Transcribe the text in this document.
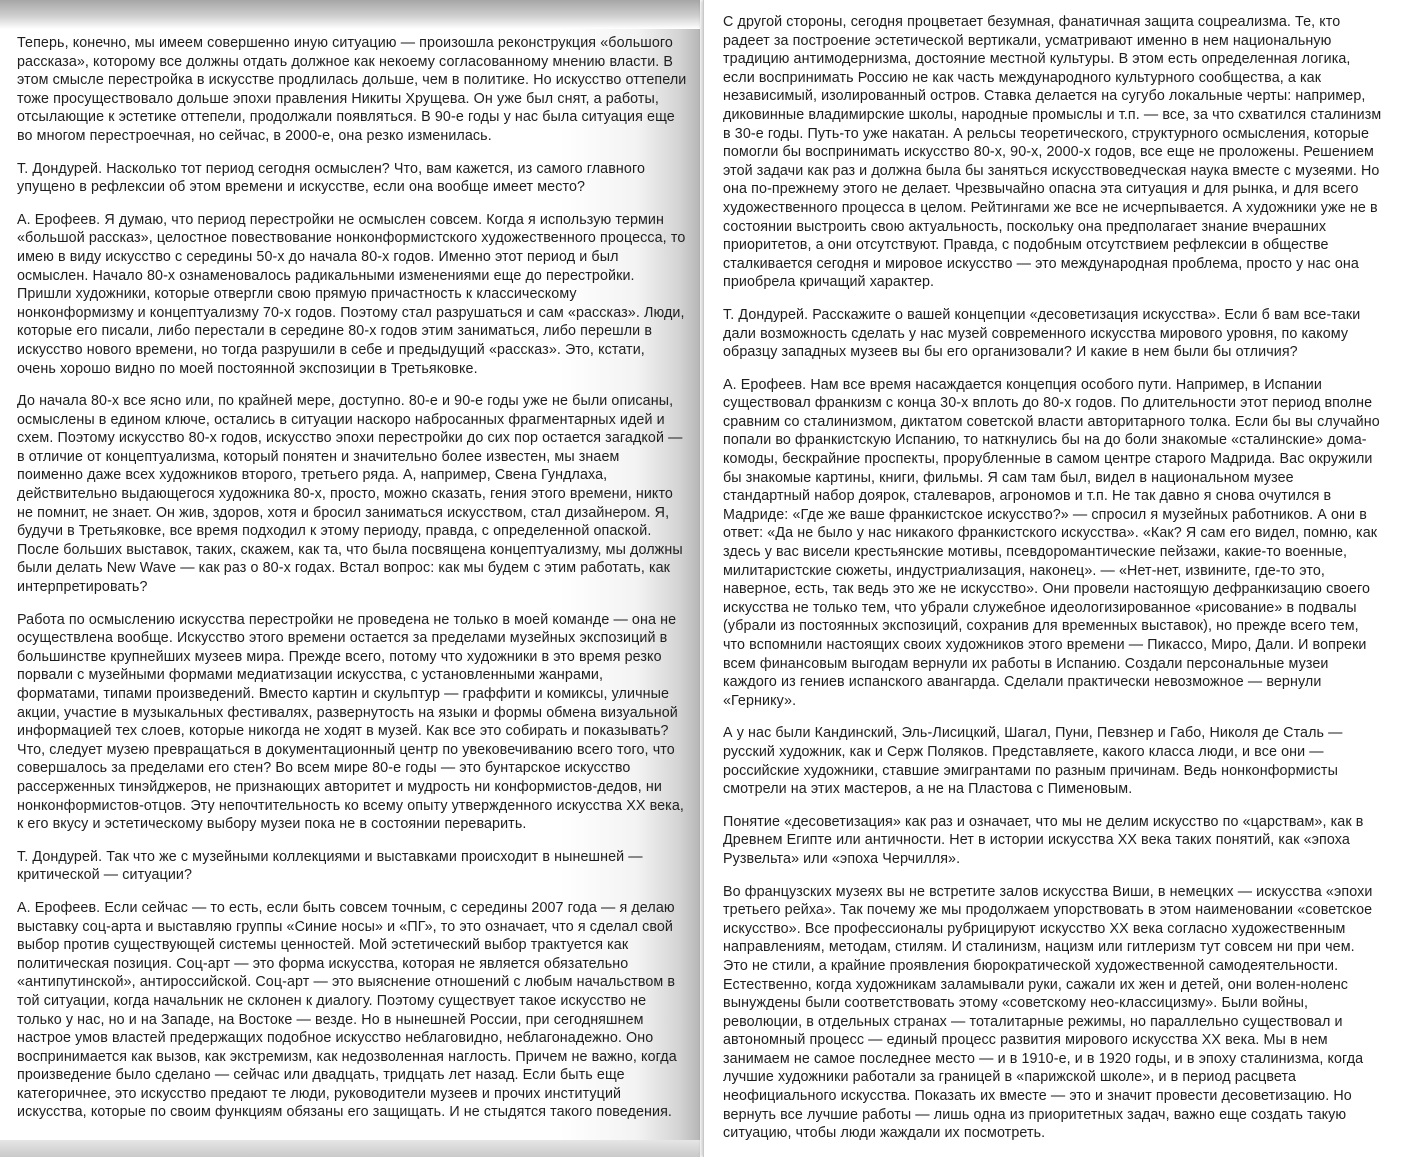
Теперь, конечно, мы имеем совершенно иную ситуацию — произошла реконструкция «большого рассказа», которому все должны отдать должное как некоему согласованному мнению власти. В этом смысле перестройка в искусстве продлилась дольше, чем в политике. Но искусство оттепели тоже просуществовало дольше эпохи правления Никиты Хрущева. Он уже был снят, а работы, отсылающие к эстетике оттепели, продолжали появляться. В 90-е годы у нас была ситуация еще во многом перестроечная, но сейчас, в 2000-е, она резко изменилась.

Т. Дондурей. Насколько тот период сегодня осмыслен? Что, вам кажется, из самого главного упущено в рефлексии об этом времени и искусстве, если она вообще имеет место?

А. Ерофеев. Я думаю, что период перестройки не осмыслен совсем. Когда я использую термин «большой рассказ», целостное повествование нонконформистского художественного процесса, то имею в виду искусство с середины 50-х до начала 80-х годов. Именно этот период и был осмыслен. Начало 80-х ознаменовалось радикальными изменениями еще до перестройки. Пришли художники, которые отвергли свою прямую причастность к классическому нонконформизму и концептуализму 70-х годов. Поэтому стал разрушаться и сам «рассказ». Люди, которые его писали, либо перестали в середине 80-х годов этим заниматься, либо перешли в искусство нового времени, но тогда разрушили в себе и предыдущий «рассказ». Это, кстати, очень хорошо видно по моей постоянной экспозиции в Третьяковке.

До начала 80-х все ясно или, по крайней мере, доступно. 80-е и 90-е годы уже не были описаны, осмыслены в едином ключе, остались в ситуации наскоро набросанных фрагментарных идей и схем. Поэтому искусство 80-х годов, искусство эпохи перестройки до сих пор остается загадкой — в отличие от концептуализма, который понятен и значительно более известен, мы знаем поименно даже всех художников второго, третьего ряда. А, например, Свена Гундлаха, действительно выдающегося художника 80-х, просто, можно сказать, гения этого времени, никто не помнит, не знает. Он жив, здоров, хотя и бросил заниматься искусством, стал дизайнером. Я, будучи в Третьяковке, все время подходил к этому периоду, правда, с определенной опаской. После больших выставок, таких, скажем, как та, что была посвящена концептуализму, мы должны были делать New Wave — как раз о 80-х годах. Встал вопрос: как мы будем с этим работать, как интерпретировать?

Работа по осмыслению искусства перестройки не проведена не только в моей команде — она не осуществлена вообще. Искусство этого времени остается за пределами музейных экспозиций в большинстве крупнейших музеев мира. Прежде всего, потому что художники в это время резко порвали с музейными формами медиатизации искусства, с установленными жанрами, форматами, типами произведений. Вместо картин и скульптур — граффити и комиксы, уличные акции, участие в музыкальных фестивалях, развернутость на языки и формы обмена визуальной информацией тех слоев, которые никогда не ходят в музей. Как все это собирать и показывать? Что, следует музею превращаться в документационный центр по увековечиванию всего того, что совершалось за пределами его стен? Во всем мире 80-е годы — это бунтарское искусство рассерженных тинэйджеров, не признающих авторитет и мудрость ни конформистов-дедов, ни нонконформистов-отцов. Эту непочтительность ко всему опыту утвержденного искусства XX века, к его вкусу и эстетическому выбору музеи пока не в состоянии переварить.

Т. Дондурей. Так что же с музейными коллекциями и выставками происходит в нынешней — критической — ситуации?

А. Ерофеев. Если сейчас — то есть, если быть совсем точным, с середины 2007 года — я делаю выставку соц-арта и выставляю группы «Синие носы» и «ПГ», то это означает, что я сделал свой выбор против существующей системы ценностей. Мой эстетический выбор трактуется как политическая позиция. Соц-арт — это форма искусства, которая не является обязательно «антипутинской», антироссийской. Соц-арт — это выяснение отношений с любым начальством в той ситуации, когда начальник не склонен к диалогу. Поэтому существует такое искусство не только у нас, но и на Западе, на Востоке — везде. Но в нынешней России, при сегодняшнем настрое умов властей предержащих подобное искусство неблаговидно, неблагонадежно. Оно воспринимается как вызов, как экстремизм, как недозволенная наглость. Причем не важно, когда произведение было сделано — сейчас или двадцать, тридцать лет назад. Если быть еще категоричнее, это искусство предают те люди, руководители музеев и прочих институций искусства, которые по своим функциям обязаны его защищать. И не стыдятся такого поведения.

С другой стороны, сегодня процветает безумная, фанатичная защита соцреализма. Те, кто радеет за построение эстетической вертикали, усматривают именно в нем национальную традицию антимодернизма, достояние местной культуры. В этом есть определенная логика, если воспринимать Россию не как часть международного культурного сообщества, а как независимый, изолированный остров. Ставка делается на сугубо локальные черты: например, диковинные владимирские школы, народные промыслы и т.п. — все, за что схватился сталинизм в 30-е годы. Путь-то уже накатан. А рельсы теоретического, структурного осмысления, которые помогли бы воспринимать искусство 80-х, 90-х, 2000-х годов, все еще не проложены. Решением этой задачи как раз и должна была бы заняться искусствоведческая наука вместе с музеями. Но она по-прежнему этого не делает. Чрезвычайно опасна эта ситуация и для рынка, и для всего художественного процесса в целом. Рейтингами же все не исчерпывается. А художники уже не в состоянии выстроить свою актуальность, поскольку она предполагает знание вчерашних приоритетов, а они отсутствуют. Правда, с подобным отсутствием рефлексии в обществе сталкивается сегодня и мировое искусство — это международная проблема, просто у нас она приобрела кричащий характер.

Т. Дондурей. Расскажите о вашей концепции «десоветизация искусства». Если б вам все-таки дали возможность сделать у нас музей современного искусства мирового уровня, по какому образцу западных музеев вы бы его организовали? И какие в нем были бы отличия?

А. Ерофеев. Нам все время насаждается концепция особого пути. Например, в Испании существовал франкизм с конца 30-х вплоть до 80-х годов. По длительности этот период вполне сравним со сталинизмом, диктатом советской власти авторитарного толка. Если бы вы случайно попали во франкистскую Испанию, то наткнулись бы на до боли знакомые «сталинские» дома-комоды, бескрайние проспекты, прорубленные в самом центре старого Мадрида. Вас окружили бы знакомые картины, книги, фильмы. Я сам там был, видел в национальном музее стандартный набор доярок, сталеваров, агрономов и т.п. Не так давно я снова очутился в Мадриде: «Где же ваше франкистское искусство?» — спросил я музейных работников. А они в ответ: «Да не было у нас никакого франкистского искусства». «Как? Я сам его видел, помню, как здесь у вас висели крестьянские мотивы, псевдоромантические пейзажи, какие-то военные, милитаристские сюжеты, индустриализация, наконец». — «Нет-нет, извините, где-то это, наверное, есть, так ведь это же не искусство». Они провели настоящую дефранкизацию своего искусства не только тем, что убрали служебное идеологизированное «рисование» в подвалы (убрали из постоянных экспозиций, сохранив для временных выставок), но прежде всего тем, что вспомнили настоящих своих художников этого времени — Пикассо, Миро, Дали. И вопреки всем финансовым выгодам вернули их работы в Испанию. Создали персональные музеи каждого из гениев испанского авангарда. Сделали практически невозможное — вернули «Гернику».

А у нас были Кандинский, Эль-Лисицкий, Шагал, Пуни, Певзнер и Габо, Николя де Сталь — русский художник, как и Серж Поляков. Представляете, какого класса люди, и все они — российские художники, ставшие эмигрантами по разным причинам. Ведь нонконформисты смотрели на этих мастеров, а не на Пластова с Пименовым.

Понятие «десоветизация» как раз и означает, что мы не делим искусство по «царствам», как в Древнем Египте или античности. Нет в истории искусства XX века таких понятий, как «эпоха Рузвельта» или «эпоха Черчилля».

Во французских музеях вы не встретите залов искусства Виши, в немецких — искусства «эпохи третьего рейха». Так почему же мы продолжаем упорствовать в этом наименовании «советское искусство». Все профессионалы рубрицируют искусство XX века согласно художественным направлениям, методам, стилям. И сталинизм, нацизм или гитлеризм тут совсем ни при чем. Это не стили, а крайние проявления бюрократической художественной самодеятельности. Естественно, когда художникам заламывали руки, сажали их жен и детей, они волен-ноленс вынуждены были соответствовать этому «советскому нео-классицизму». Были войны, революции, в отдельных странах — тоталитарные режимы, но параллельно существовал и автономный процесс — единый процесс развития мирового искусства XX века. Мы в нем занимаем не самое последнее место — и в 1910-е, и в 1920 годы, и в эпоху сталинизма, когда лучшие художники работали за границей в «парижской школе», и в период расцвета неофициального искусства. Показать их вместе — это и значит провести десоветизацию. Но вернуть все лучшие работы — лишь одна из приоритетных задач, важно еще создать такую ситуацию, чтобы люди жаждали их посмотреть.
